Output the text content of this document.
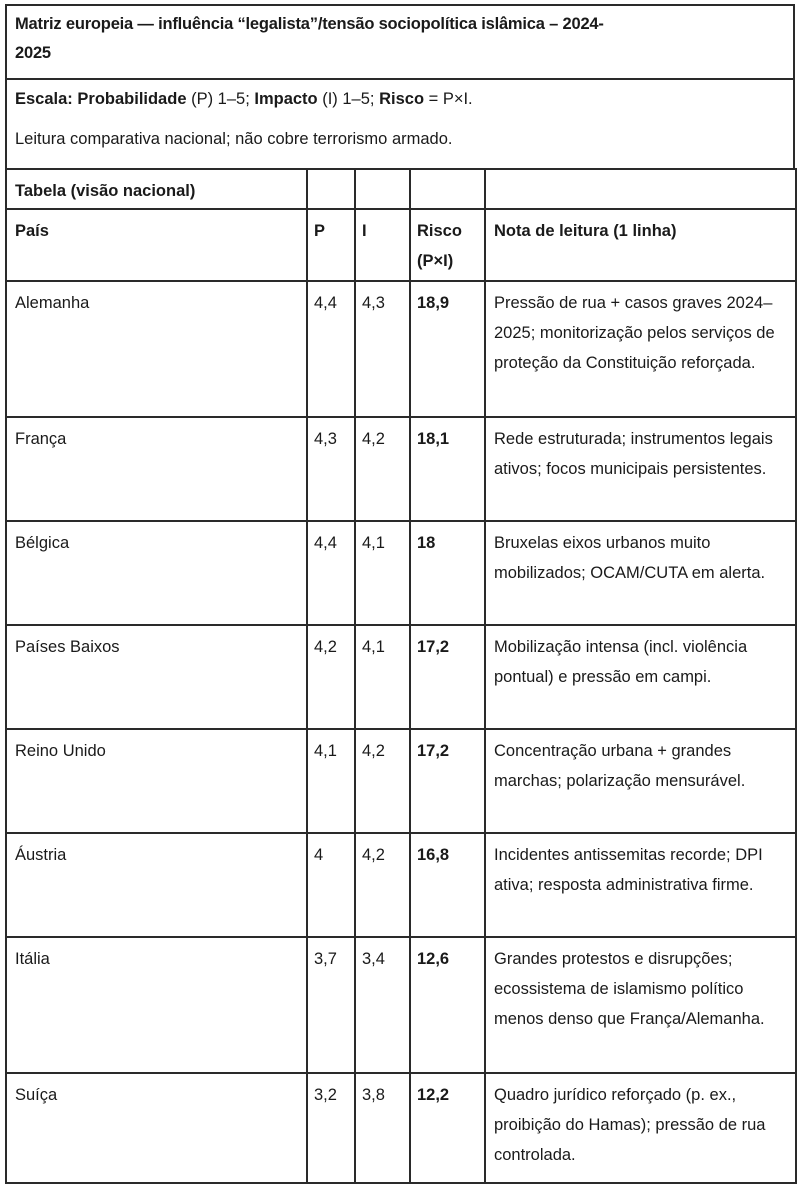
Matriz europeia — influência “legalista”/tensão sociopolítica islâmica – 2024-
2025
Escala: Probabilidade (P) 1–5; Impacto (I) 1–5; Risco = P×I.
Leitura comparativa nacional; não cobre terrorismo armado.
Tabela (visão nacional)				
País	P	I	Risco (P×I)	Nota de leitura (1 linha)
Alemanha	4,4	4,3	18,9	Pressão de rua + casos graves 2024–2025; monitorização pelos serviços de proteção da Constituição reforçada.
França	4,3	4,2	18,1	Rede estruturada; instrumentos legais ativos; focos municipais persistentes.
Bélgica	4,4	4,1	18	Bruxelas eixos urbanos muito mobilizados; OCAM/CUTA em alerta.
Países Baixos	4,2	4,1	17,2	Mobilização intensa (incl. violência pontual) e pressão em campi.
Reino Unido	4,1	4,2	17,2	Concentração urbana + grandes marchas; polarização mensurável.
Áustria	4	4,2	16,8	Incidentes antissemitas recorde; DPI ativa; resposta administrativa firme.
Itália	3,7	3,4	12,6	Grandes protestos e disrupções; ecossistema de islamismo político menos denso que França/Alemanha.
Suíça	3,2	3,8	12,2	Quadro jurídico reforçado (p. ex., proibição do Hamas); pressão de rua controlada.
